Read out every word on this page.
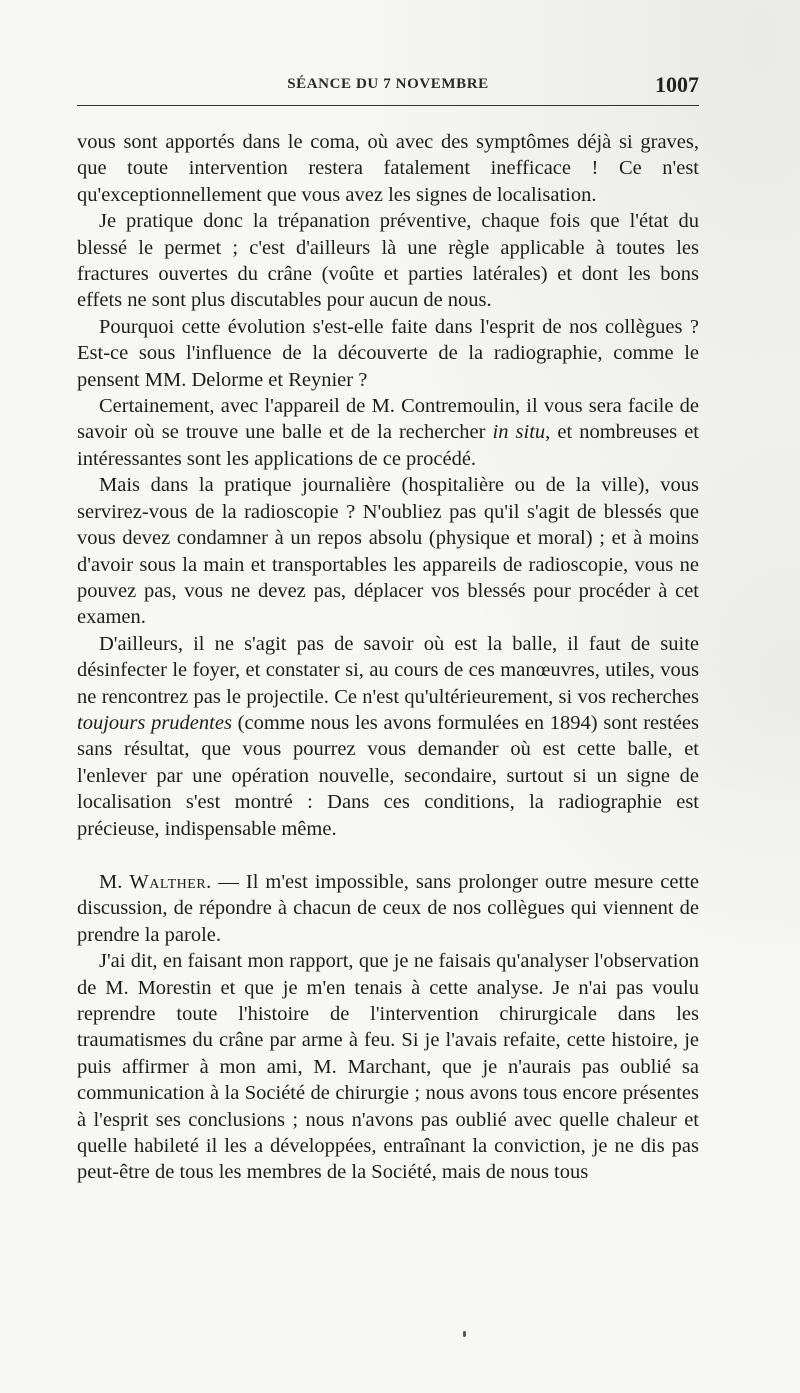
SÉANCE DU 7 NOVEMBRE	1007

vous sont apportés dans le coma, où avec des symptômes déjà si graves, que toute intervention restera fatalement inefficace ! Ce n'est qu'exceptionnellement que vous avez les signes de localisation.

Je pratique donc la trépanation préventive, chaque fois que l'état du blessé le permet ; c'est d'ailleurs là une règle applicable à toutes les fractures ouvertes du crâne (voûte et parties latérales) et dont les bons effets ne sont plus discutables pour aucun de nous.

Pourquoi cette évolution s'est-elle faite dans l'esprit de nos collègues ? Est-ce sous l'influence de la découverte de la radiographie, comme le pensent MM. Delorme et Reynier ?

Certainement, avec l'appareil de M. Contremoulin, il vous sera facile de savoir où se trouve une balle et de la rechercher in situ, et nombreuses et intéressantes sont les applications de ce procédé.

Mais dans la pratique journalière (hospitalière ou de la ville), vous servirez-vous de la radioscopie ? N'oubliez pas qu'il s'agit de blessés que vous devez condamner à un repos absolu (physique et moral) ; et à moins d'avoir sous la main et transportables les appareils de radioscopie, vous ne pouvez pas, vous ne devez pas, déplacer vos blessés pour procéder à cet examen.

D'ailleurs, il ne s'agit pas de savoir où est la balle, il faut de suite désinfecter le foyer, et constater si, au cours de ces manœuvres, utiles, vous ne rencontrez pas le projectile. Ce n'est qu'ultérieurement, si vos recherches toujours prudentes (comme nous les avons formulées en 1894) sont restées sans résultat, que vous pourrez vous demander où est cette balle, et l'enlever par une opération nouvelle, secondaire, surtout si un signe de localisation s'est montré : Dans ces conditions, la radiographie est précieuse, indispensable même.

M. Walther. — Il m'est impossible, sans prolonger outre mesure cette discussion, de répondre à chacun de ceux de nos collègues qui viennent de prendre la parole.

J'ai dit, en faisant mon rapport, que je ne faisais qu'analyser l'observation de M. Morestin et que je m'en tenais à cette analyse. Je n'ai pas voulu reprendre toute l'histoire de l'intervention chirurgicale dans les traumatismes du crâne par arme à feu. Si je l'avais refaite, cette histoire, je puis affirmer à mon ami, M. Marchant, que je n'aurais pas oublié sa communication à la Société de chirurgie ; nous avons tous encore présentes à l'esprit ses conclusions ; nous n'avons pas oublié avec quelle chaleur et quelle habileté il les a développées, entraînant la conviction, je ne dis pas peut-être de tous les membres de la Société, mais de nous tous
